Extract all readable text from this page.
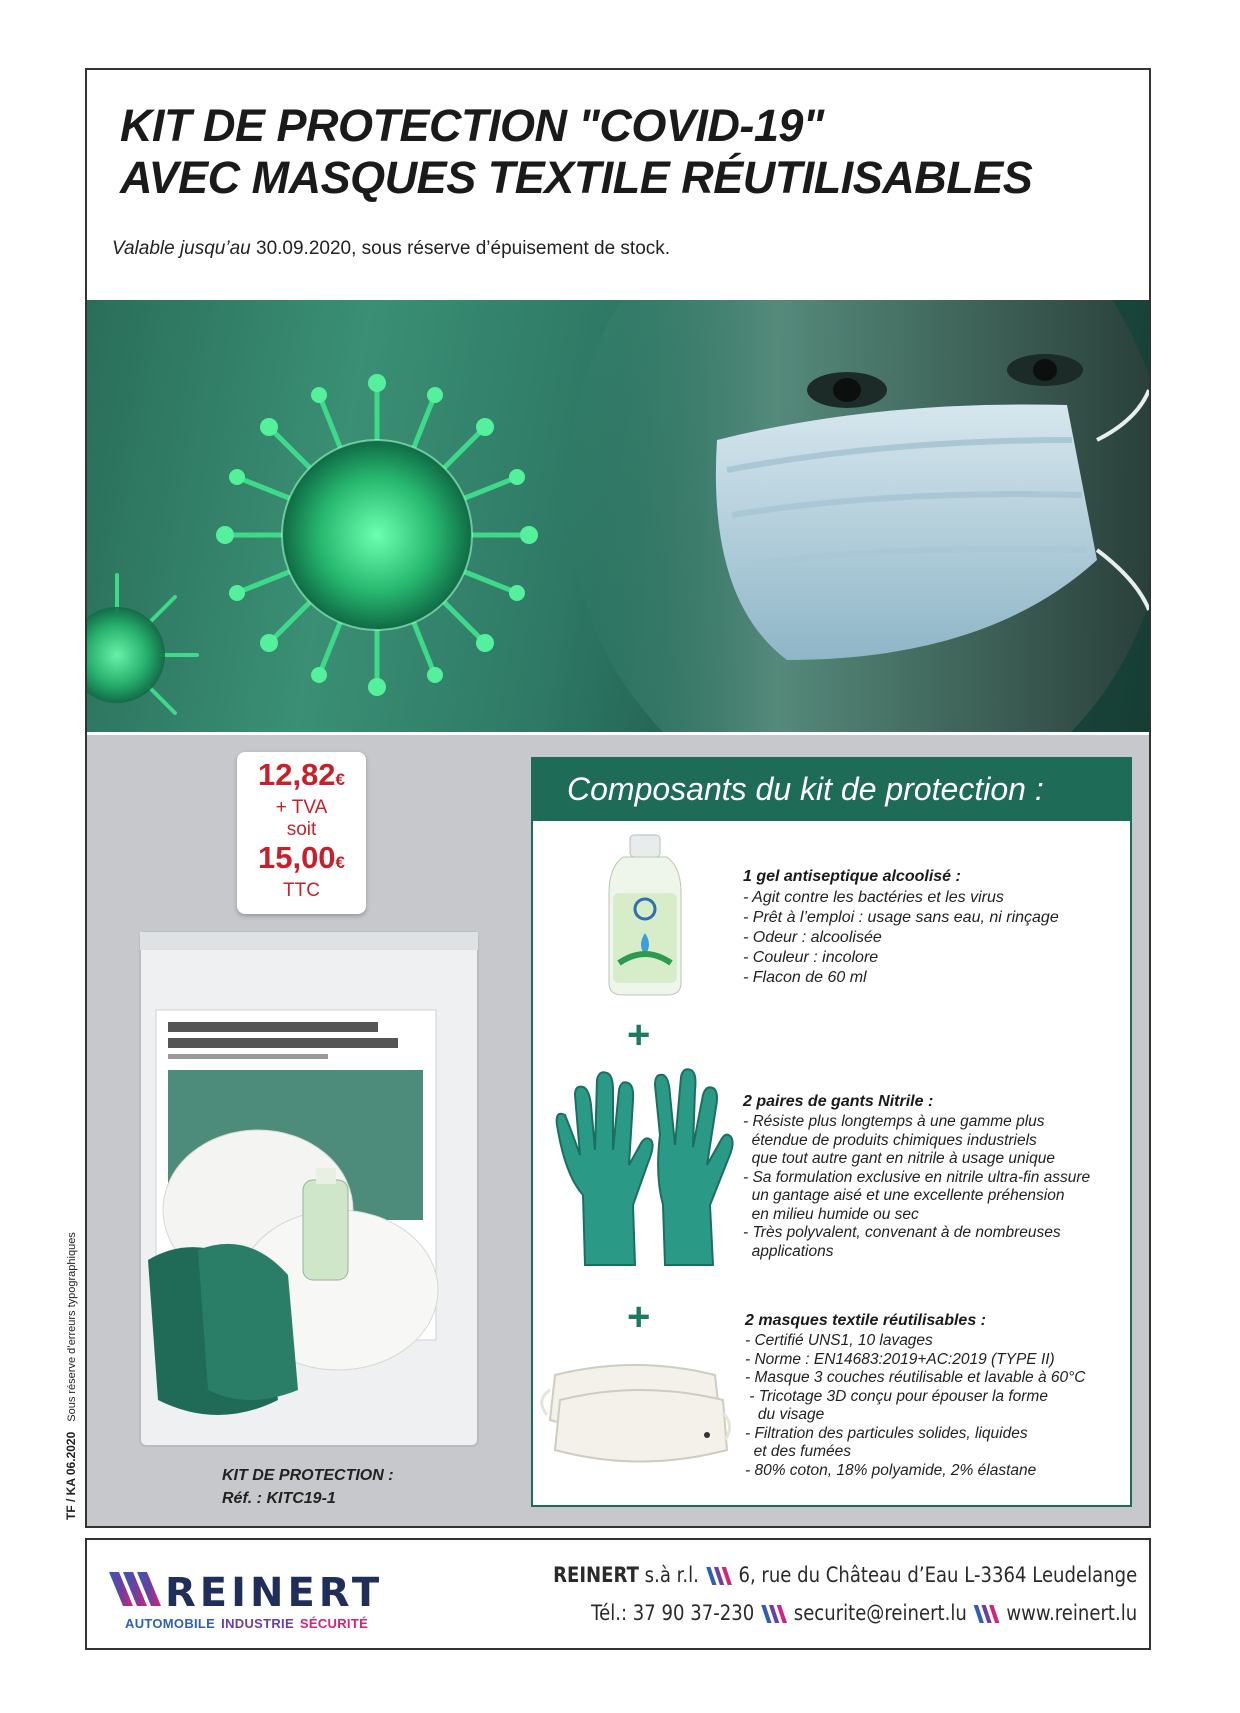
KIT DE PROTECTION "COVID-19"
AVEC MASQUES TEXTILE RÉUTILISABLES
Valable jusqu’au 30.09.2020, sous réserve d’épuisement de stock.
12,82€
+ TVA
soit
15,00€
TTC
KIT DE PROTECTION :
Réf. : KITC19-1
Composants du kit de protection :
+
+
1 gel antiseptique alcoolisé :
- Agit contre les bactéries et les virus
- Prêt à l’emploi : usage sans eau, ni rinçage
- Odeur : alcoolisée
- Couleur : incolore
- Flacon de 60 ml
2 paires de gants Nitrile :
- Résiste plus longtemps à une gamme plus
étendue de produits chimiques industriels
que tout autre gant en nitrile à usage unique
- Sa formulation exclusive en nitrile ultra-fin assure
un gantage aisé et une excellente préhension
en milieu humide ou sec
- Très polyvalent, convenant à de nombreuses
applications
2 masques textile réutilisables :
- Certifié UNS1, 10 lavages
- Norme : EN14683:2019+AC:2019 (TYPE II)
- Masque 3 couches réutilisable et lavable à 60°C
- Tricotage 3D conçu pour épouser la forme
du visage
- Filtration des particules solides, liquides
et des fumées
- 80% coton, 18% polyamide, 2% élastane
TF / KA 06.2020Sous réserve d’erreurs typographiques
REINERT
AUTOMOBILE INDUSTRIE SÉCURITÉ
REINERT s.à r.l. 6, rue du Château d’Eau L-3364 Leudelange
Tél.: 37 90 37-230 securite@reinert.lu www.reinert.lu
